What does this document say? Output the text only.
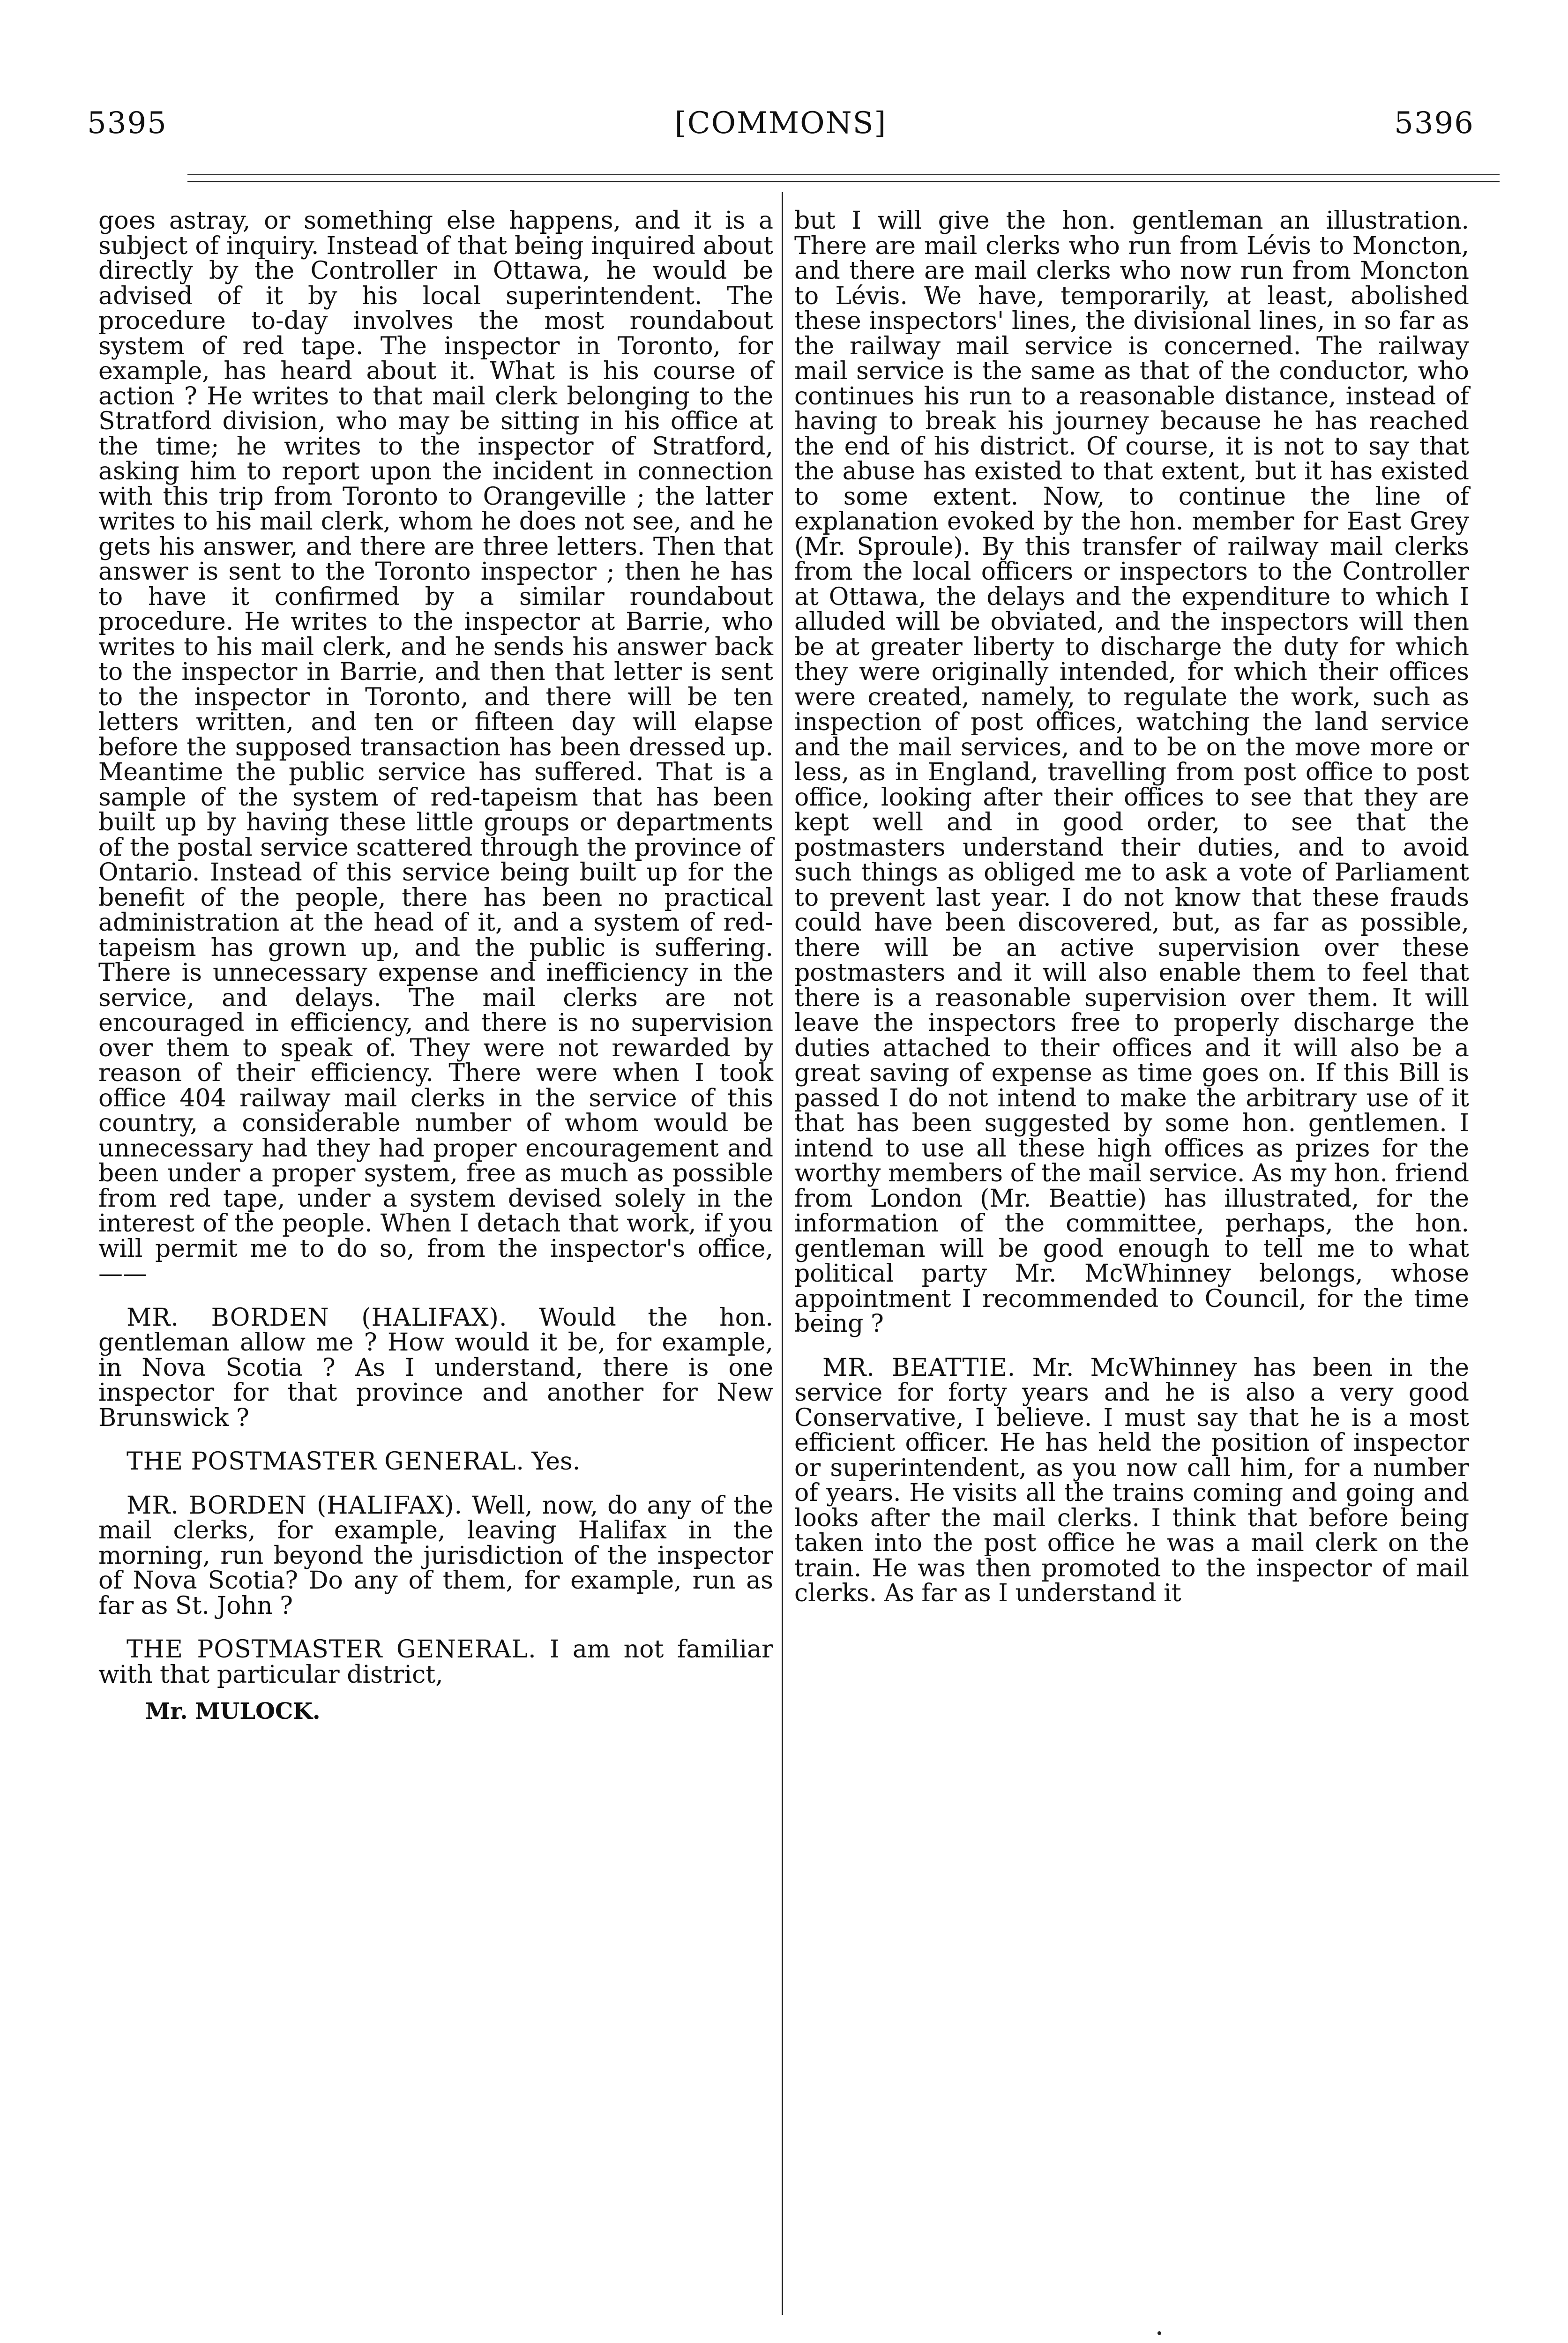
5395	[COMMONS]	5396

goes astray, or something else happens, and it is a subject of inquiry. Instead of that being inquired about directly by the Controller in Ottawa, he would be advised of it by his local superintendent. The procedure to-day involves the most roundabout system of red tape. The inspector in Toronto, for example, has heard about it. What is his course of action ? He writes to that mail clerk belonging to the Stratford division, who may be sitting in his office at the time; he writes to the inspector of Stratford, asking him to report upon the incident in connection with this trip from Toronto to Orangeville ; the latter writes to his mail clerk, whom he does not see, and he gets his answer, and there are three letters. Then that answer is sent to the Toronto inspector ; then he has to have it confirmed by a similar roundabout procedure. He writes to the inspector at Barrie, who writes to his mail clerk, and he sends his answer back to the inspector in Barrie, and then that letter is sent to the inspector in Toronto, and there will be ten letters written, and ten or fifteen day will elapse before the supposed transaction has been dressed up. Meantime the public service has suffered. That is a sample of the system of red-tapeism that has been built up by having these little groups or departments of the postal service scattered through the province of Ontario. Instead of this service being built up for the benefit of the people, there has been no practical administration at the head of it, and a system of red-tapeism has grown up, and the public is suffering. There is unnecessary expense and inefficiency in the service, and delays. The mail clerks are not encouraged in efficiency, and there is no supervision over them to speak of. They were not rewarded by reason of their efficiency. There were when I took office 404 railway mail clerks in the service of this country, a considerable number of whom would be unnecessary had they had proper encouragement and been under a proper system, free as much as possible from red tape, under a system devised solely in the interest of the people. When I detach that work, if you will permit me to do so, from the inspector's office,——

MR. BORDEN (HALIFAX). Would the hon. gentleman allow me ? How would it be, for example, in Nova Scotia ? As I understand, there is one inspector for that province and another for New Brunswick ?

THE POSTMASTER GENERAL. Yes.

MR. BORDEN (HALIFAX). Well, now, do any of the mail clerks, for example, leaving Halifax in the morning, run beyond the jurisdiction of the inspector of Nova Scotia? Do any of them, for example, run as far as St. John ?

THE POSTMASTER GENERAL. I am not familiar with that particular district,

Mr. MULOCK.

but I will give the hon. gentleman an illustration. There are mail clerks who run from Lévis to Moncton, and there are mail clerks who now run from Moncton to Lévis. We have, temporarily, at least, abolished these inspectors' lines, the divisional lines, in so far as the railway mail service is concerned. The railway mail service is the same as that of the conductor, who continues his run to a reasonable distance, instead of having to break his journey because he has reached the end of his district. Of course, it is not to say that the abuse has existed to that extent, but it has existed to some extent. Now, to continue the line of explanation evoked by the hon. member for East Grey (Mr. Sproule). By this transfer of railway mail clerks from the local officers or inspectors to the Controller at Ottawa, the delays and the expenditure to which I alluded will be obviated, and the inspectors will then be at greater liberty to discharge the duty for which they were originally intended, for which their offices were created, namely, to regulate the work, such as inspection of post offices, watching the land service and the mail services, and to be on the move more or less, as in England, travelling from post office to post office, looking after their offices to see that they are kept well and in good order, to see that the postmasters understand their duties, and to avoid such things as obliged me to ask a vote of Parliament to prevent last year. I do not know that these frauds could have been discovered, but, as far as possible, there will be an active supervision over these postmasters and it will also enable them to feel that there is a reasonable supervision over them. It will leave the inspectors free to properly discharge the duties attached to their offices and it will also be a great saving of expense as time goes on. If this Bill is passed I do not intend to make the arbitrary use of it that has been suggested by some hon. gentlemen. I intend to use all these high offices as prizes for the worthy members of the mail service. As my hon. friend from London (Mr. Beattie) has illustrated, for the information of the committee, perhaps, the hon. gentleman will be good enough to tell me to what political party Mr. McWhinney belongs, whose appointment I recommended to Council, for the time being ?

MR. BEATTIE. Mr. McWhinney has been in the service for forty years and he is also a very good Conservative, I believe. I must say that he is a most efficient officer. He has held the position of inspector or superintendent, as you now call him, for a number of years. He visits all the trains coming and going and looks after the mail clerks. I think that before being taken into the post office he was a mail clerk on the train. He was then promoted to the inspector of mail clerks. As far as I understand it
